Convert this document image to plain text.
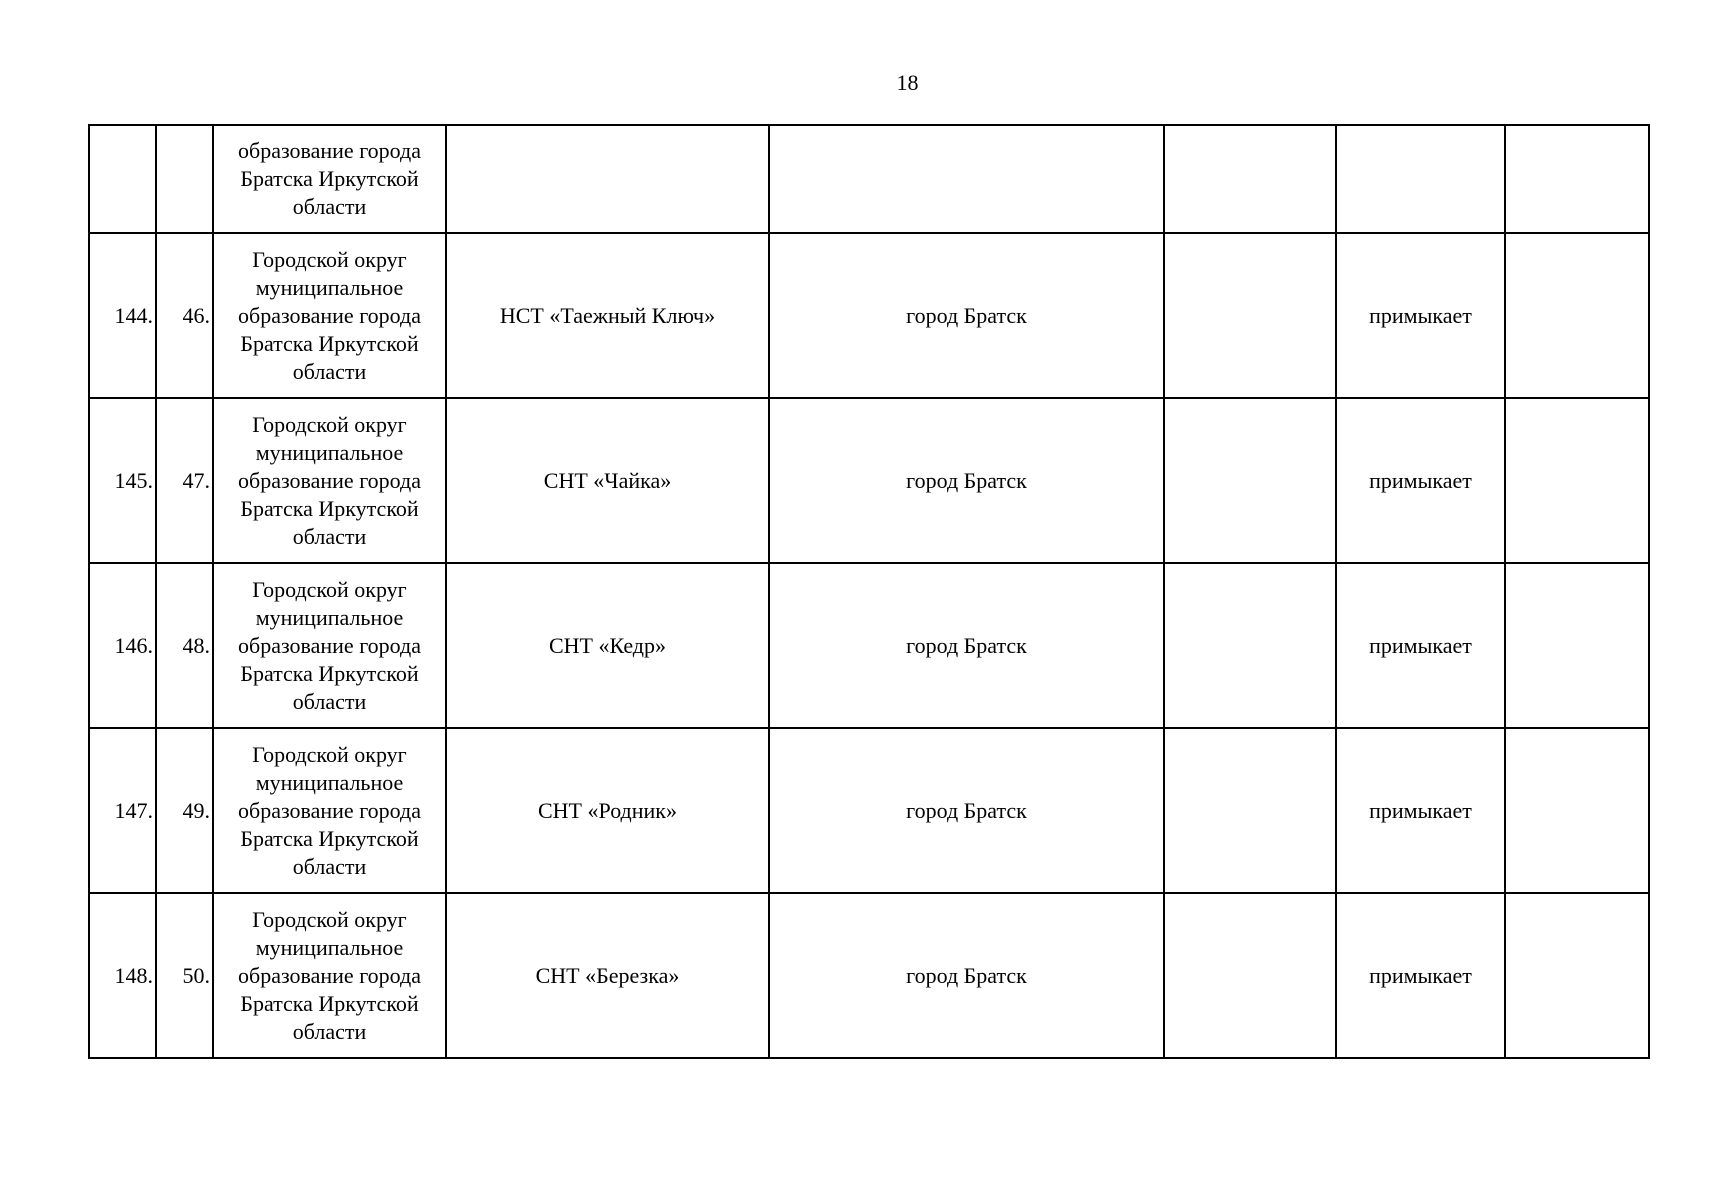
18

		образование города
Братска Иркутской
области					

144.	46.	Городской округ
муниципальное
образование города
Братска Иркутской
области	НСТ «Таежный Ключ»	город Братск		примыкает	
145.	47.	Городской округ
муниципальное
образование города
Братска Иркутской
области	СНТ «Чайка»	город Братск		примыкает	
146.	48.	Городской округ
муниципальное
образование города
Братска Иркутской
области	СНТ «Кедр»	город Братск		примыкает	
147.	49.	Городской округ
муниципальное
образование города
Братска Иркутской
области	СНТ «Родник»	город Братск		примыкает	
148.	50.	Городской округ
муниципальное
образование города
Братска Иркутской
области	СНТ «Березка»	город Братск		примыкает	
